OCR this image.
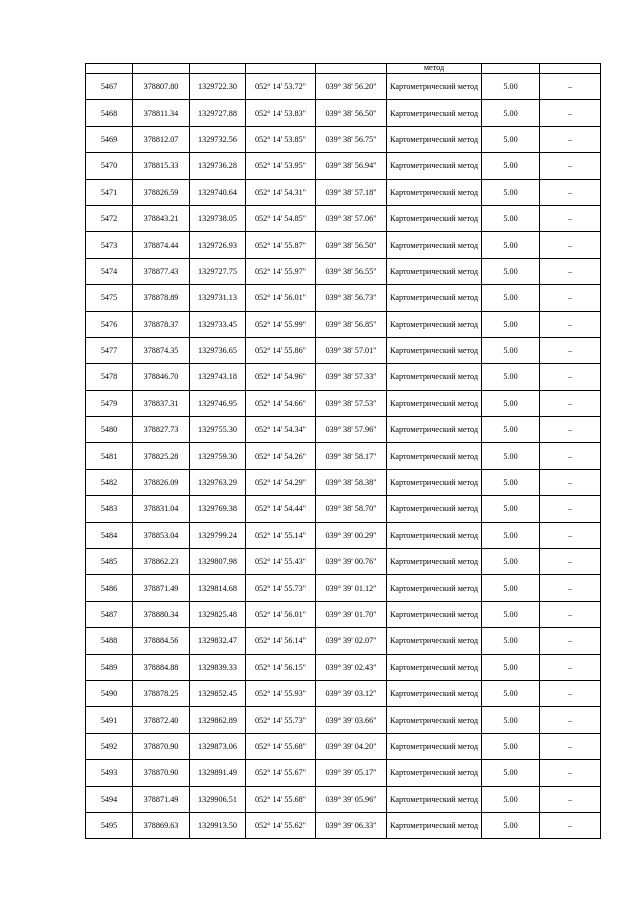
					метод		

5467	378807.80	1329722.30	052° 14' 53.72"	039° 38' 56.20"	Картометрический метод	5.00	–
5468	378811.34	1329727.88	052° 14' 53.83"	039° 38' 56.50"	Картометрический метод	5.00	–
5469	378812.07	1329732.56	052° 14' 53.85"	039° 38' 56.75"	Картометрический метод	5.00	–
5470	378815.33	1329736.28	052° 14' 53.95"	039° 38' 56.94"	Картометрический метод	5.00	–
5471	378826.59	1329740.64	052° 14' 54.31"	039° 38' 57.18"	Картометрический метод	5.00	–
5472	378843.21	1329738.05	052° 14' 54.85"	039° 38' 57.06"	Картометрический метод	5.00	–
5473	378874.44	1329726.93	052° 14' 55.87"	039° 38' 56.50"	Картометрический метод	5.00	–
5474	378877.43	1329727.75	052° 14' 55.97"	039° 38' 56.55"	Картометрический метод	5.00	–
5475	378878.89	1329731.13	052° 14' 56.01"	039° 38' 56.73"	Картометрический метод	5.00	–
5476	378878.37	1329733.45	052° 14' 55.99"	039° 38' 56.85"	Картометрический метод	5.00	–
5477	378874.35	1329736.65	052° 14' 55.86"	039° 38' 57.01"	Картометрический метод	5.00	–
5478	378846.70	1329743.18	052° 14' 54.96"	039° 38' 57.33"	Картометрический метод	5.00	–
5479	378837.31	1329746.95	052° 14' 54.66"	039° 38' 57.53"	Картометрический метод	5.00	–
5480	378827.73	1329755.30	052° 14' 54.34"	039° 38' 57.96"	Картометрический метод	5.00	–
5481	378825.28	1329759.30	052° 14' 54.26"	039° 38' 58.17"	Картометрический метод	5.00	–
5482	378826.09	1329763.29	052° 14' 54.29"	039° 38' 58.38"	Картометрический метод	5.00	–
5483	378831.04	1329769.38	052° 14' 54.44"	039° 38' 58.70"	Картометрический метод	5.00	–
5484	378853.04	1329799.24	052° 14' 55.14"	039° 39' 00.29"	Картометрический метод	5.00	–
5485	378862.23	1329807.98	052° 14' 55.43"	039° 39' 00.76"	Картометрический метод	5.00	–
5486	378871.49	1329814.68	052° 14' 55.73"	039° 39' 01.12"	Картометрический метод	5.00	–
5487	378880.34	1329825.48	052° 14' 56.01"	039° 39' 01.70"	Картометрический метод	5.00	–
5488	378884.56	1329832.47	052° 14' 56.14"	039° 39' 02.07"	Картометрический метод	5.00	–
5489	378884.88	1329839.33	052° 14' 56.15"	039° 39' 02.43"	Картометрический метод	5.00	–
5490	378878.25	1329852.45	052° 14' 55.93"	039° 39' 03.12"	Картометрический метод	5.00	–
5491	378872.40	1329862.89	052° 14' 55.73"	039° 39' 03.66"	Картометрический метод	5.00	–
5492	378870.90	1329873.06	052° 14' 55.68"	039° 39' 04.20"	Картометрический метод	5.00	–
5493	378870.90	1329891.49	052° 14' 55.67"	039° 39' 05.17"	Картометрический метод	5.00	–
5494	378871.49	1329906.51	052° 14' 55.68"	039° 39' 05.96"	Картометрический метод	5.00	–
5495	378869.63	1329913.50	052° 14' 55.62"	039° 39' 06.33"	Картометрический метод	5.00	–
